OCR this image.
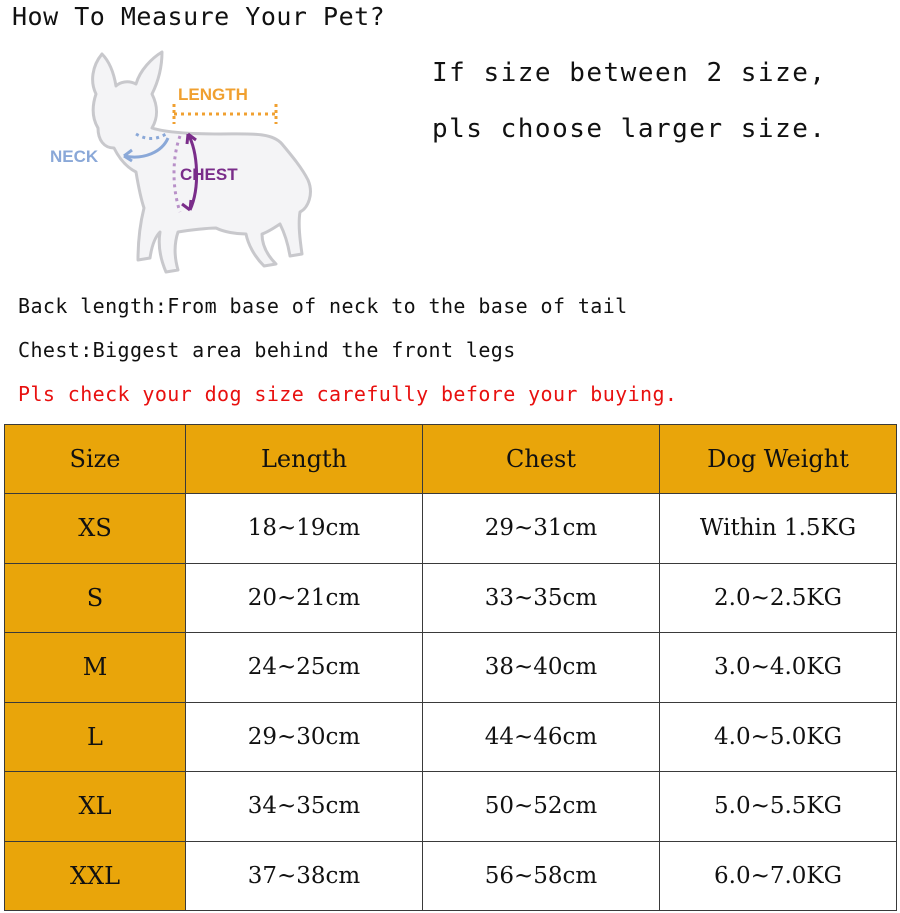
How To Measure Your Pet?
LENGTH
NECK
CHEST
If size between 2 size,
pls choose larger size.
Back length:From base of neck to the base of tail
Chest:Biggest area behind the front legs
Pls check your dog size carefully before your buying.
Size	Length	Chest	Dog Weight
XS	18~19cm	29~31cm	Within 1.5KG
S	20~21cm	33~35cm	2.0~2.5KG
M	24~25cm	38~40cm	3.0~4.0KG
L	29~30cm	44~46cm	4.0~5.0KG
XL	34~35cm	50~52cm	5.0~5.5KG
XXL	37~38cm	56~58cm	6.0~7.0KG
